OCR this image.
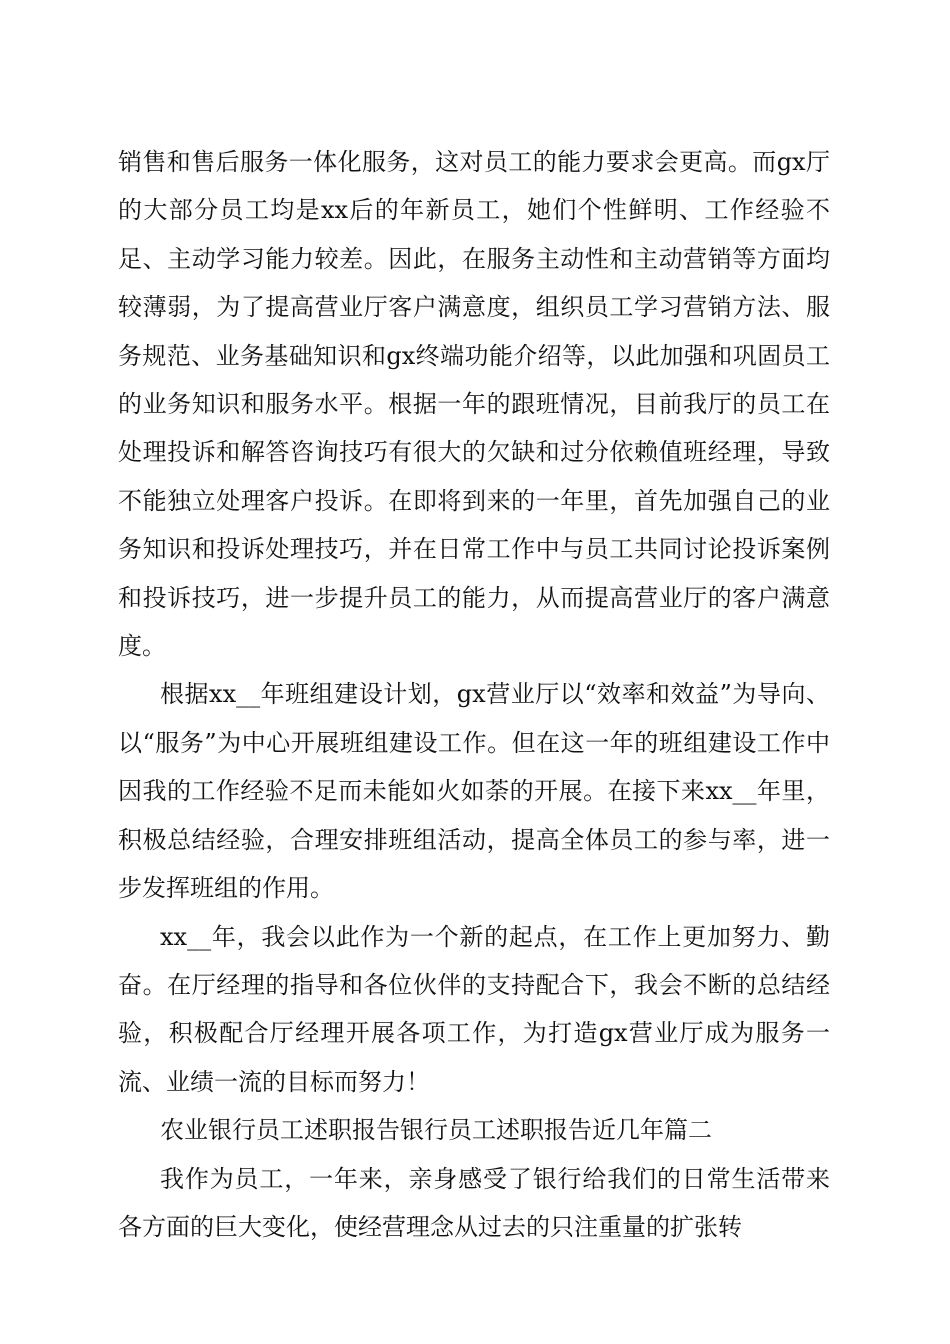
销售和售后服务一体化服务，这对员工的能力要求会更高。而gx厅的大部分员工均是xx后的年新员工，她们个性鲜明、工作经验不足、主动学习能力较差。因此，在服务主动性和主动营销等方面均较薄弱，为了提高营业厅客户满意度，组织员工学习营销方法、服务规范、业务基础知识和gx终端功能介绍等，以此加强和巩固员工的业务知识和服务水平。根据一年的跟班情况，目前我厅的员工在处理投诉和解答咨询技巧有很大的欠缺和过分依赖值班经理，导致不能独立处理客户投诉。在即将到来的一年里，首先加强自己的业务知识和投诉处理技巧，并在日常工作中与员工共同讨论投诉案例和投诉技巧，进一步提升员工的能力，从而提高营业厅的客户满意度。

根据xx__年班组建设计划，gx营业厅以“效率和效益”为导向、以“服务”为中心开展班组建设工作。但在这一年的班组建设工作中因我的工作经验不足而未能如火如荼的开展。在接下来xx__年里，积极总结经验，合理安排班组活动，提高全体员工的参与率，进一步发挥班组的作用。

xx__年，我会以此作为一个新的起点，在工作上更加努力、勤奋。在厅经理的指导和各位伙伴的支持配合下，我会不断的总结经验，积极配合厅经理开展各项工作，为打造gx营业厅成为服务一流、业绩一流的目标而努力！

农业银行员工述职报告银行员工述职报告近几年篇二

我作为员工，一年来，亲身感受了银行给我们的日常生活带来各方面的巨大变化，使经营理念从过去的只注重量的扩张转
